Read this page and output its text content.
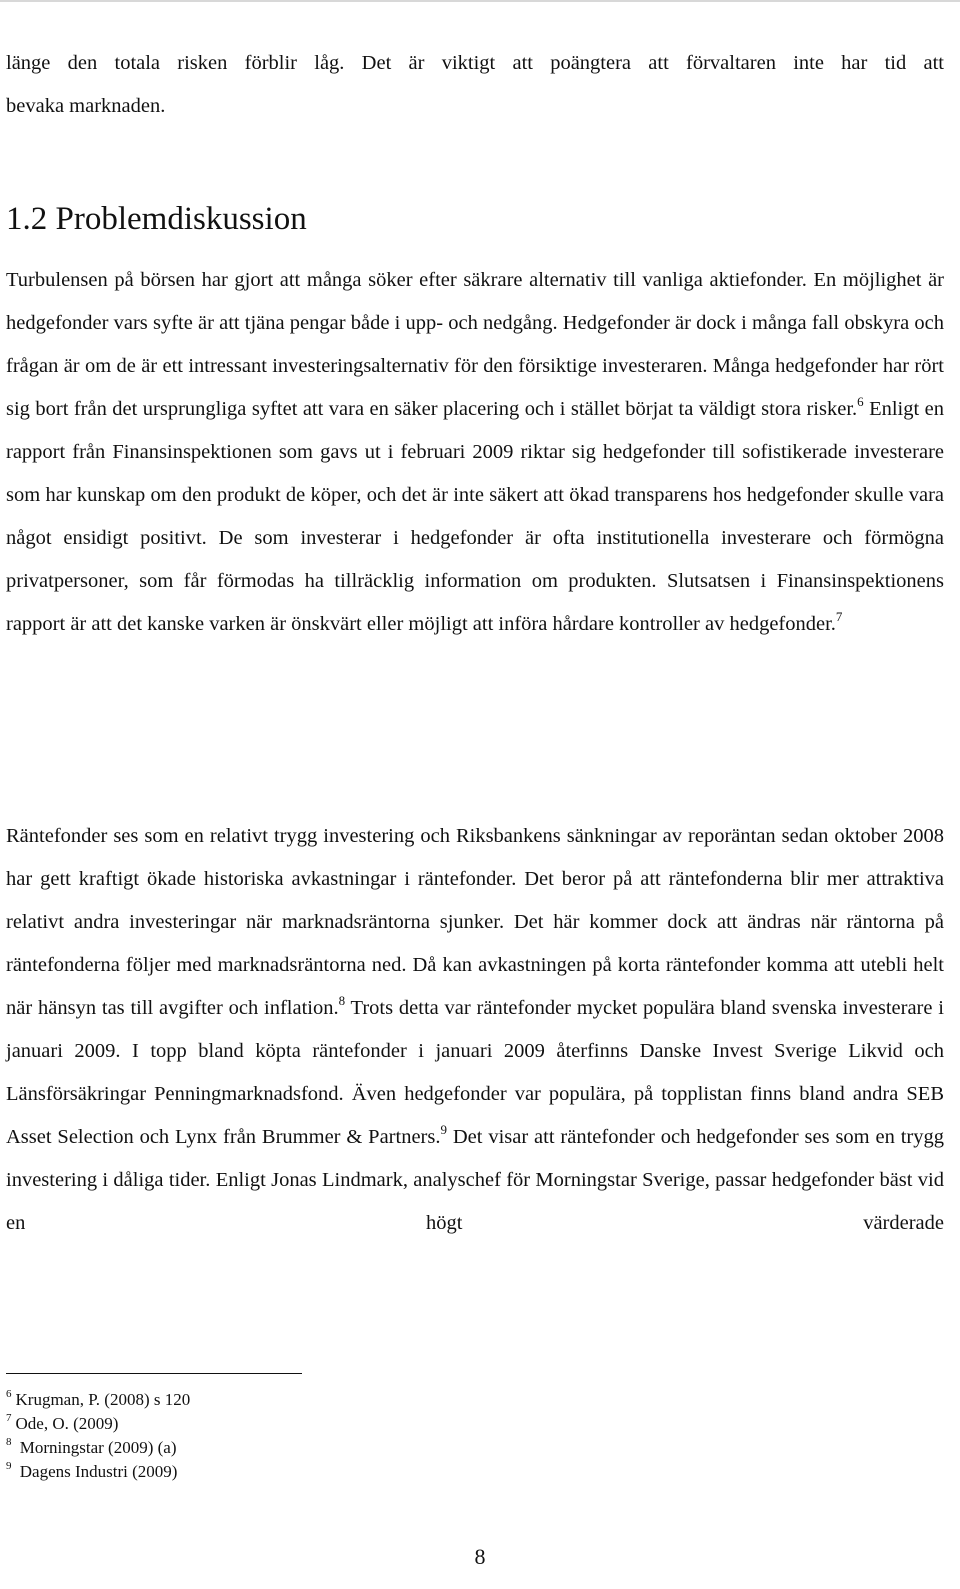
länge den totala risken förblir låg. Det är viktigt att poängtera att förvaltaren inte har tid att
bevaka marknaden.
1.2 Problemdiskussion
Turbulensen på börsen har gjort att många söker efter säkrare alternativ till vanliga aktiefonder. En möjlighet är hedgefonder vars syfte är att tjäna pengar både i upp- och nedgång. Hedgefonder är dock i många fall obskyra och frågan är om de är ett intressant investeringsalternativ för den försiktige investeraren. Många hedgefonder har rört sig bort från det ursprungliga syftet att vara en säker placering och i stället börjat ta väldigt stora risker.$^6$ Enligt en rapport från Finansinspektionen som gavs ut i februari 2009 riktar sig hedgefonder till sofistikerade investerare som har kunskap om den produkt de köper, och det är inte säkert att ökad transparens hos hedgefonder skulle vara något ensidigt positivt. De som investerar i hedgefonder är ofta institutionella investerare och förmögna privatpersoner, som får förmodas ha tillräcklig information om produkten. Slutsatsen i Finansinspektionens rapport är att det kanske varken är önskvärt eller möjligt att införa hårdare kontroller av hedgefonder.$^7$
Räntefonder ses som en relativt trygg investering och Riksbankens sänkningar av reporäntan sedan oktober 2008 har gett kraftigt ökade historiska avkastningar i räntefonder. Det beror på att räntefonderna blir mer attraktiva relativt andra investeringar när marknadsräntorna sjunker. Det här kommer dock att ändras när räntorna på räntefonderna följer med marknadsräntorna ned. Då kan avkastningen på korta räntefonder komma att utebli helt när hänsyn tas till avgifter och inflation.$^8$ Trots detta var räntefonder mycket populära bland svenska investerare i januari 2009. I topp bland köpta räntefonder i januari 2009 återfinns Danske Invest Sverige Likvid och Länsförsäkringar Penningmarknadsfond. Även hedgefonder var populära, på topplistan finns bland andra SEB Asset Selection och Lynx från Brummer & Partners.$^9$ Det visar att räntefonder och hedgefonder ses som en trygg investering i dåliga tider. Enligt Jonas Lindmark, analyschef för Morningstar Sverige, passar hedgefonder bäst vid en högt värderade
$^6$ Krugman, P. (2008) s 120
$^7$ Ode, O. (2009)
$^8$ Morningstar (2009) (a)
$^9$ Dagens Industri (2009)
8
